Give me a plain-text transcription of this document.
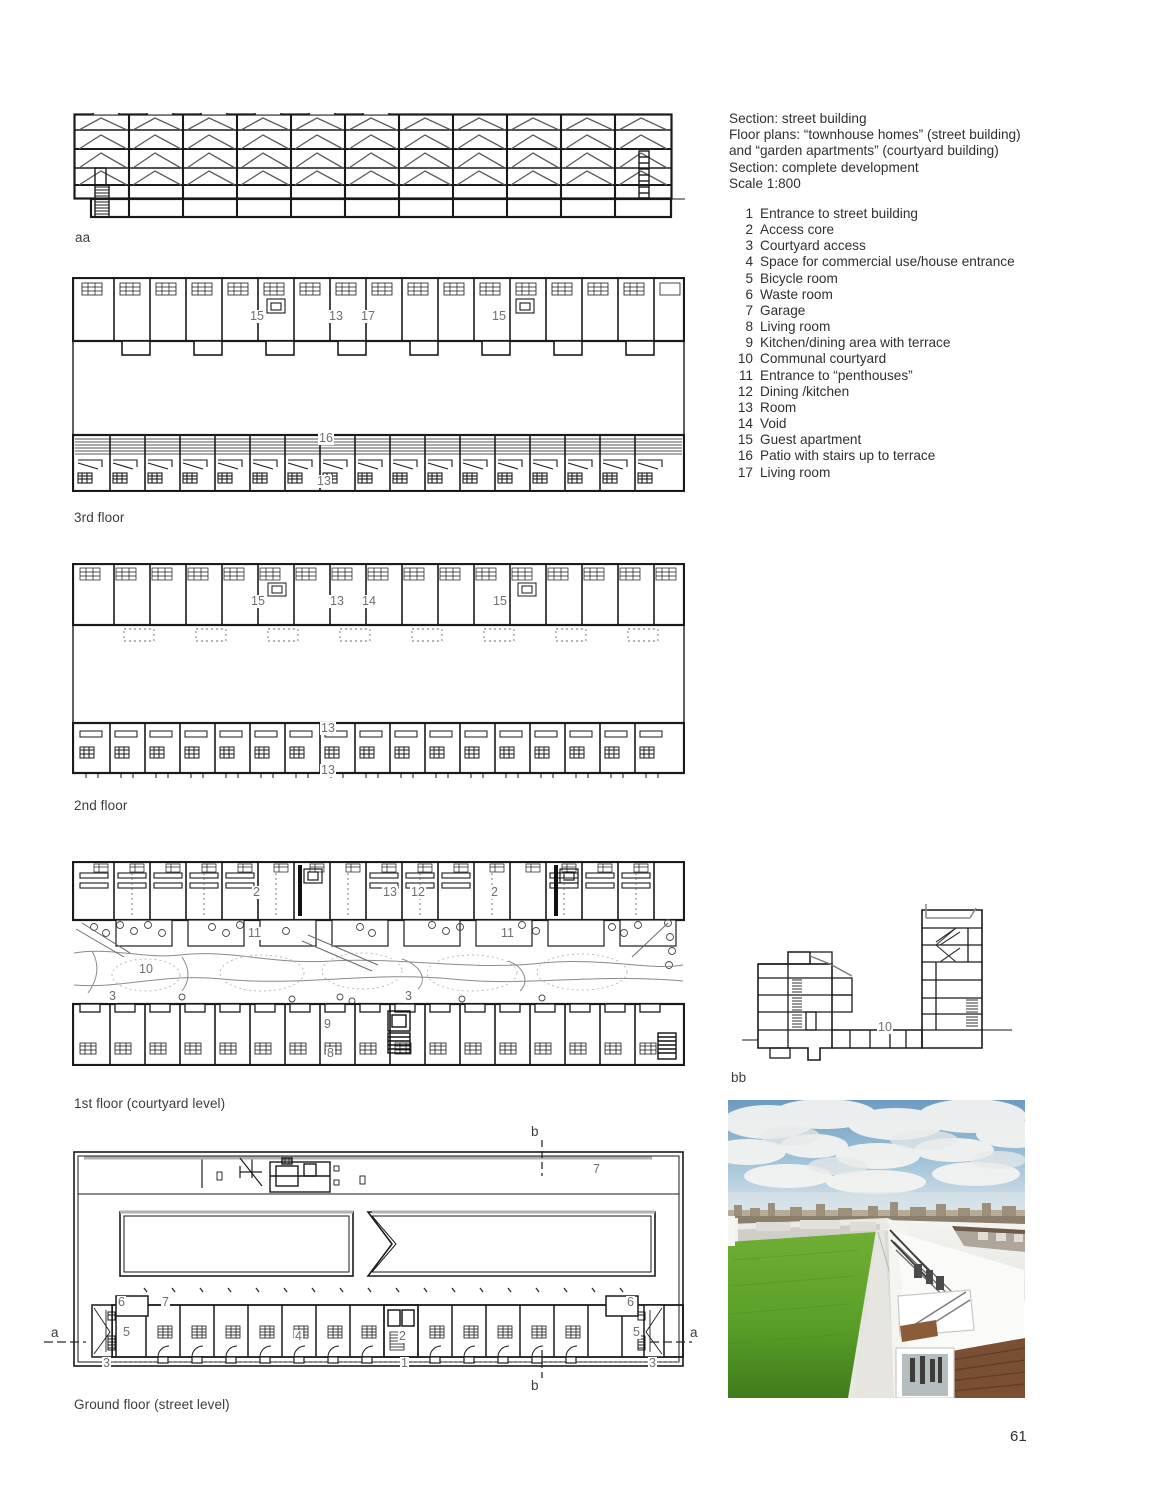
aa
15	13 17	15
16
13
3rd floor
15	13 14	15
13
13
2nd floor
2	13 12	2
11	11
10
3	3
9
8
1st floor (courtyard level)
10
bb
7
6	7	6
5	4	5
2
3	1	3
b
b
a	a
Ground floor (street level)
Section: street building
Floor plans: “townhouse homes” (street building)
and “garden apartments” (courtyard building)
Section: complete development
Scale 1:800
1 Entrance to street building
2 Access core
3 Courtyard access
4 Space for commercial use/house entrance
5 Bicycle room
6 Waste room
7 Garage
8 Living room
9 Kitchen/dining area with terrace
10 Communal courtyard
11 Entrance to “penthouses”
12 Dining /kitchen
13 Room
14 Void
15 Guest apartment
16 Patio with stairs up to terrace
17 Living room
61
